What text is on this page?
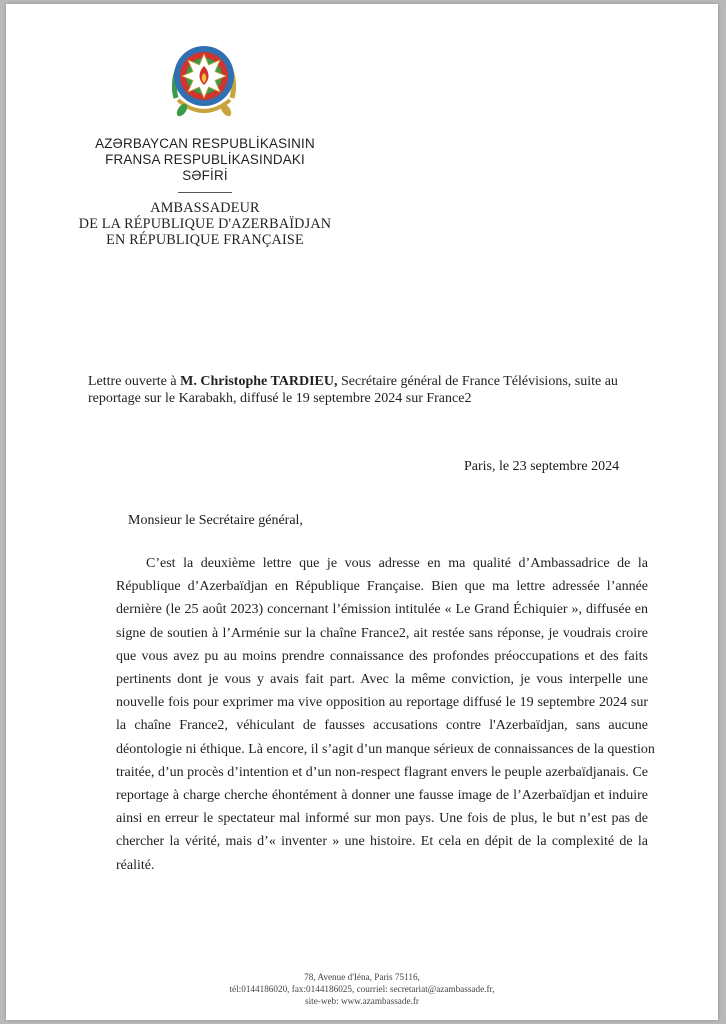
AZƏRBAYCAN RESPUBLİKASININ
FRANSA RESPUBLİKASINDAKI
SƏFİRİ
AMBASSADEUR
DE LA RÉPUBLIQUE D'AZERBAÏDJAN
EN RÉPUBLIQUE FRANÇAISE
Lettre ouverte à M. Christophe TARDIEU, Secrétaire général de France Télévisions, suite au
reportage sur le Karabakh, diffusé le 19 septembre 2024 sur France2
Paris, le 23 septembre 2024
Monsieur le Secrétaire général,
C’est la deuxième lettre que je vous adresse en ma qualité d’Ambassadrice de la
République d’Azerbaïdjan en République Française. Bien que ma lettre adressée l’année
dernière (le 25 août 2023) concernant l’émission intitulée « Le Grand Échiquier », diffusée en
signe de soutien à l’Arménie sur la chaîne France2, ait restée sans réponse, je voudrais croire
que vous avez pu au moins prendre connaissance des profondes préoccupations et des faits
pertinents dont je vous y avais fait part. Avec la même conviction, je vous interpelle une
nouvelle fois pour exprimer ma vive opposition au reportage diffusé le 19 septembre 2024 sur
la chaîne France2, véhiculant de fausses accusations contre l'Azerbaïdjan, sans aucune
déontologie ni éthique. Là encore, il s’agit d’un manque sérieux de connaissances de la question
traitée, d’un procès d’intention et d’un non-respect flagrant envers le peuple azerbaïdjanais. Ce
reportage à charge cherche éhontément à donner une fausse image de l’Azerbaïdjan et induire
ainsi en erreur le spectateur mal informé sur mon pays. Une fois de plus, le but n’est pas de
chercher la vérité, mais d’« inventer » une histoire. Et cela en dépit de la complexité de la
réalité.
78, Avenue d'Iéna, Paris 75116,
tél:0144186020, fax:0144186025, courriel: secretariat@azambassade.fr,
site-web: www.azambassade.fr
